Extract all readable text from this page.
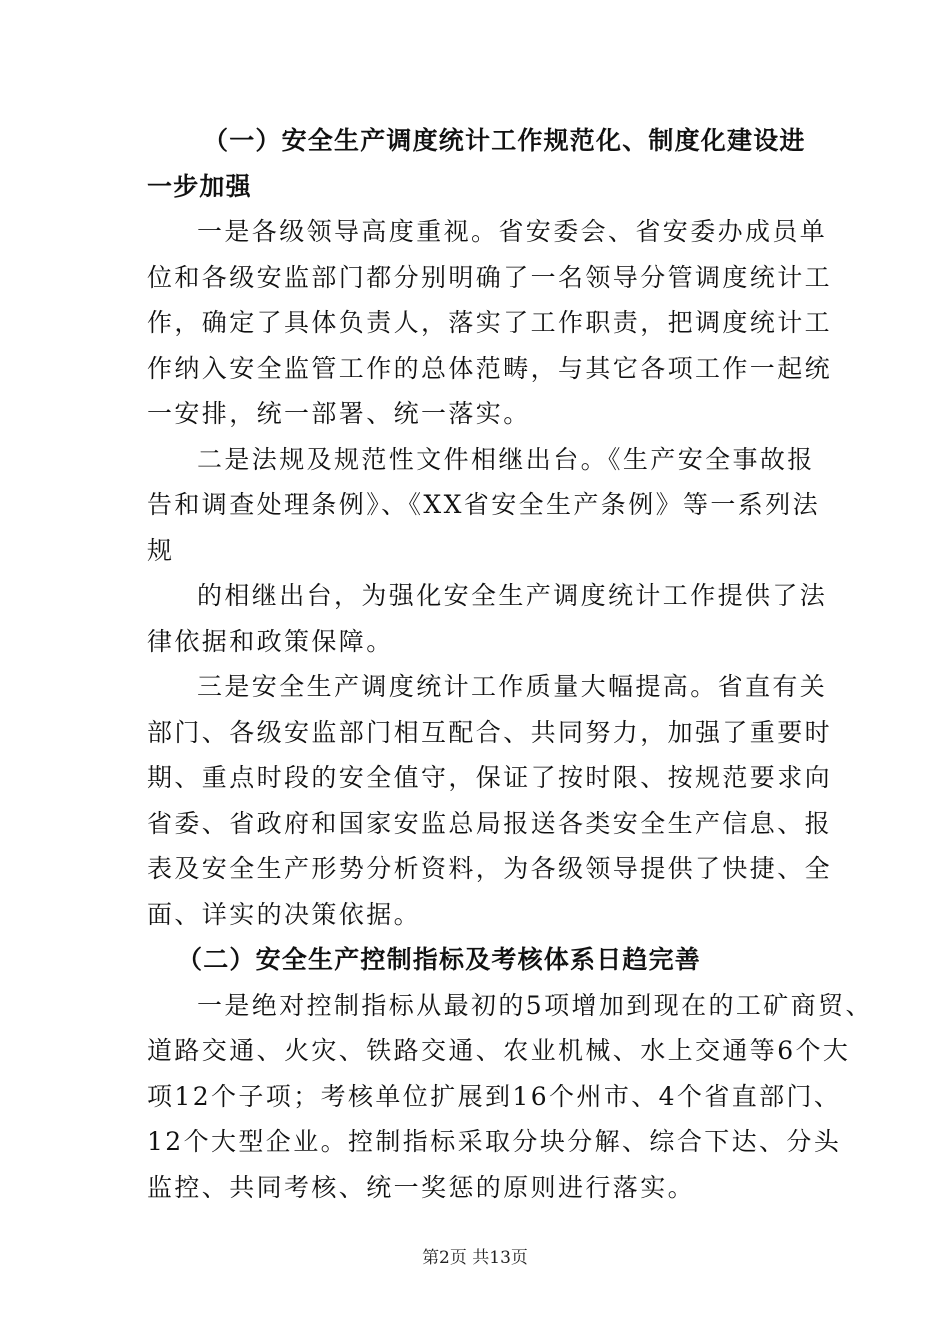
（一）安全生产调度统计工作规范化、制度化建设进
一步加强
一是各级领导高度重视。省安委会、省安委办成员单
位和各级安监部门都分别明确了一名领导分管调度统计工
作，确定了具体负责人，落实了工作职责，把调度统计工
作纳入安全监管工作的总体范畴，与其它各项工作一起统
一安排，统一部署、统一落实。
二是法规及规范性文件相继出台。《生产安全事故报
告和调查处理条例》、《XX省安全生产条例》等一系列法
规
的相继出台，为强化安全生产调度统计工作提供了法
律依据和政策保障。
三是安全生产调度统计工作质量大幅提高。省直有关
部门、各级安监部门相互配合、共同努力，加强了重要时
期、重点时段的安全值守，保证了按时限、按规范要求向
省委、省政府和国家安监总局报送各类安全生产信息、报
表及安全生产形势分析资料，为各级领导提供了快捷、全
面、详实的决策依据。
（二）安全生产控制指标及考核体系日趋完善
一是绝对控制指标从最初的5项增加到现在的工矿商贸、
道路交通、火灾、铁路交通、农业机械、水上交通等6个大
项12个子项；考核单位扩展到16个州市、4个省直部门、
12个大型企业。控制指标采取分块分解、综合下达、分头
监控、共同考核、统一奖惩的原则进行落实。
第2页 共13页
